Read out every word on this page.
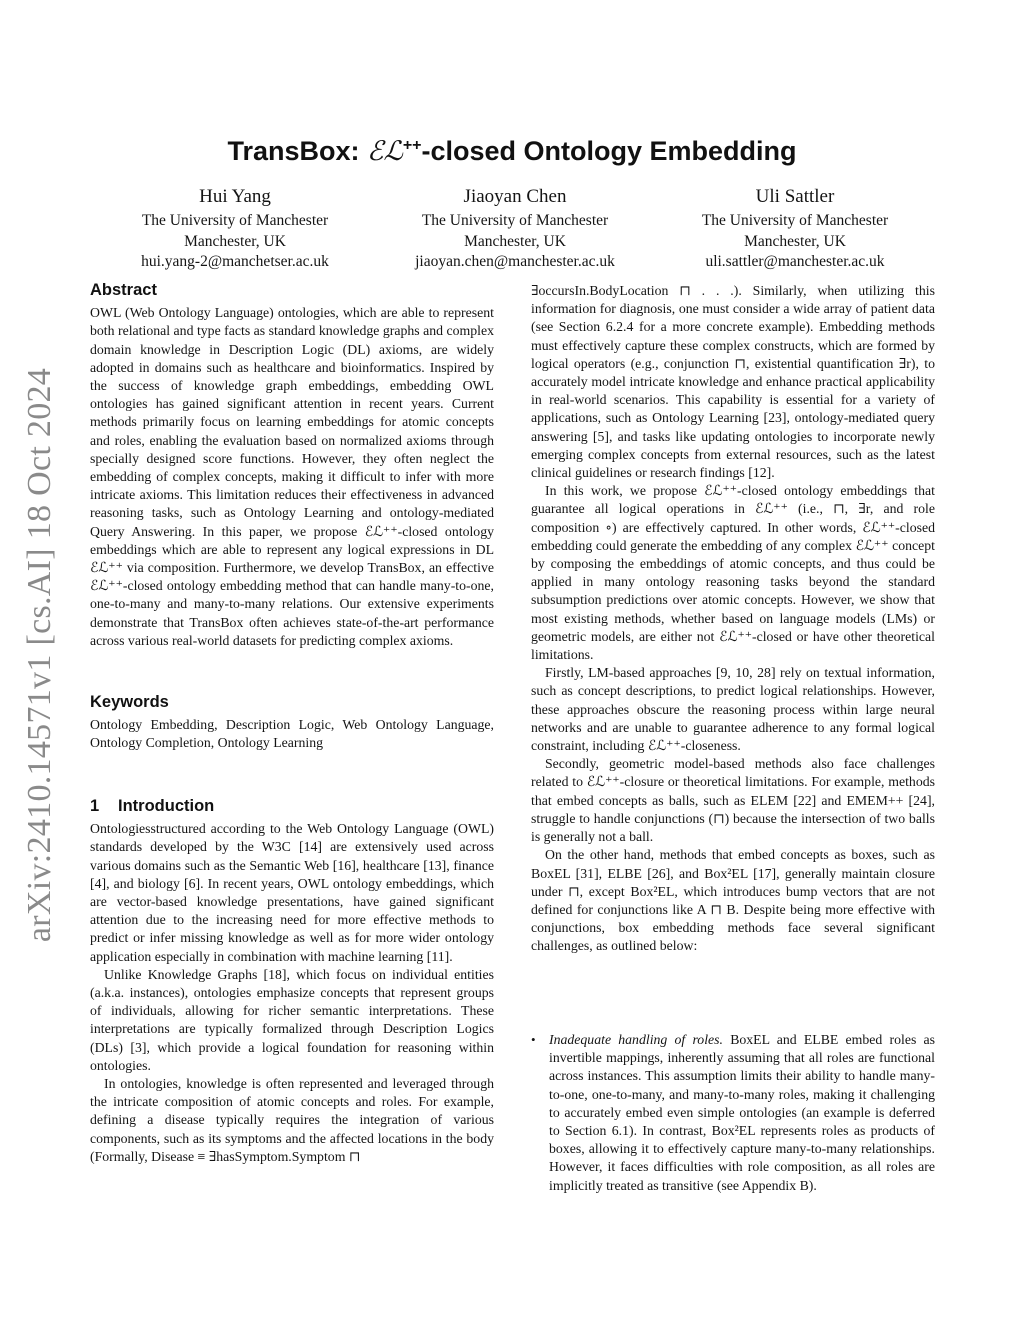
arXiv:2410.14571v1 [cs.AI] 18 Oct 2024
TransBox: ℰℒ++-closed Ontology Embedding
Hui Yang
The University of Manchester
Manchester, UK
hui.yang-2@manchetser.ac.uk
Jiaoyan Chen
The University of Manchester
Manchester, UK
jiaoyan.chen@manchester.ac.uk
Uli Sattler
The University of Manchester
Manchester, UK
uli.sattler@manchester.ac.uk
Abstract

OWL (Web Ontology Language) ontologies, which are able to represent both relational and type facts as standard knowledge graphs and complex domain knowledge in Description Logic (DL) axioms, are widely adopted in domains such as healthcare and bioinformatics. Inspired by the success of knowledge graph embeddings, embedding OWL ontologies has gained significant attention in recent years. Current methods primarily focus on learning embeddings for atomic concepts and roles, enabling the evaluation based on normalized axioms through specially designed score functions. However, they often neglect the embedding of complex concepts, making it difficult to infer with more intricate axioms. This limitation reduces their effectiveness in advanced reasoning tasks, such as Ontology Learning and ontology-mediated Query Answering. In this paper, we propose ℰℒ⁺⁺-closed ontology embeddings which are able to represent any logical expressions in DL ℰℒ⁺⁺ via composition. Furthermore, we develop TransBox, an effective ℰℒ⁺⁺-closed ontology embedding method that can handle many-to-one, one-to-many and many-to-many relations. Our extensive experiments demonstrate that TransBox often achieves state-of-the-art performance across various real-world datasets for predicting complex axioms.

Keywords

Ontology Embedding, Description Logic, Web Ontology Language, Ontology Completion, Ontology Learning

1 Introduction

Ontologiesstructured according to the Web Ontology Language (OWL) standards developed by the W3C [14] are extensively used across various domains such as the Semantic Web [16], healthcare [13], finance [4], and biology [6]. In recent years, OWL ontology embeddings, which are vector-based knowledge presentations, have gained significant attention due to the increasing need for more effective methods to predict or infer missing knowledge as well as for more wider ontology application especially in combination with machine learning [11].

Unlike Knowledge Graphs [18], which focus on individual entities (a.k.a. instances), ontologies emphasize concepts that represent groups of individuals, allowing for richer semantic interpretations. These interpretations are typically formalized through Description Logics (DLs) [3], which provide a logical foundation for reasoning within ontologies.

In ontologies, knowledge is often represented and leveraged through the intricate composition of atomic concepts and roles. For example, defining a disease typically requires the integration of various components, such as its symptoms and the affected locations in the body (Formally, Disease ≡ ∃hasSymptom.Symptom ⊓

∃occursIn.BodyLocation ⊓ . . .). Similarly, when utilizing this information for diagnosis, one must consider a wide array of patient data (see Section 6.2.4 for a more concrete example). Embedding methods must effectively capture these complex constructs, which are formed by logical operators (e.g., conjunction ⊓, existential quantification ∃r), to accurately model intricate knowledge and enhance practical applicability in real-world scenarios. This capability is essential for a variety of applications, such as Ontology Learning [23], ontology-mediated query answering [5], and tasks like updating ontologies to incorporate newly emerging complex concepts from external resources, such as the latest clinical guidelines or research findings [12].

In this work, we propose ℰℒ⁺⁺-closed ontology embeddings that guarantee all logical operations in ℰℒ⁺⁺ (i.e., ⊓, ∃r, and role composition ∘) are effectively captured. In other words, ℰℒ⁺⁺-closed embedding could generate the embedding of any complex ℰℒ⁺⁺ concept by composing the embeddings of atomic concepts, and thus could be applied in many ontology reasoning tasks beyond the standard subsumption predictions over atomic concepts. However, we show that most existing methods, whether based on language models (LMs) or geometric models, are either not ℰℒ⁺⁺-closed or have other theoretical limitations.

Firstly, LM-based approaches [9, 10, 28] rely on textual information, such as concept descriptions, to predict logical relationships. However, these approaches obscure the reasoning process within large neural networks and are unable to guarantee adherence to any formal logical constraint, including ℰℒ⁺⁺-closeness.

Secondly, geometric model-based methods also face challenges related to ℰℒ⁺⁺-closure or theoretical limitations. For example, methods that embed concepts as balls, such as ELEM [22] and EMEM++ [24], struggle to handle conjunctions (⊓) because the intersection of two balls is generally not a ball.

On the other hand, methods that embed concepts as boxes, such as BoxEL [31], ELBE [26], and Box²EL [17], generally maintain closure under ⊓, except Box²EL, which introduces bump vectors that are not defined for conjunctions like A ⊓ B. Despite being more effective with conjunctions, box embedding methods face several significant challenges, as outlined below:

• Inadequate handling of roles. BoxEL and ELBE embed roles as invertible mappings, inherently assuming that all roles are functional across instances. This assumption limits their ability to handle many-to-one, one-to-many, and many-to-many roles, making it challenging to accurately embed even simple ontologies (an example is deferred to Section 6.1). In contrast, Box²EL represents roles as products of boxes, allowing it to effectively capture many-to-many relationships. However, it faces difficulties with role composition, as all roles are implicitly treated as transitive (see Appendix B).
